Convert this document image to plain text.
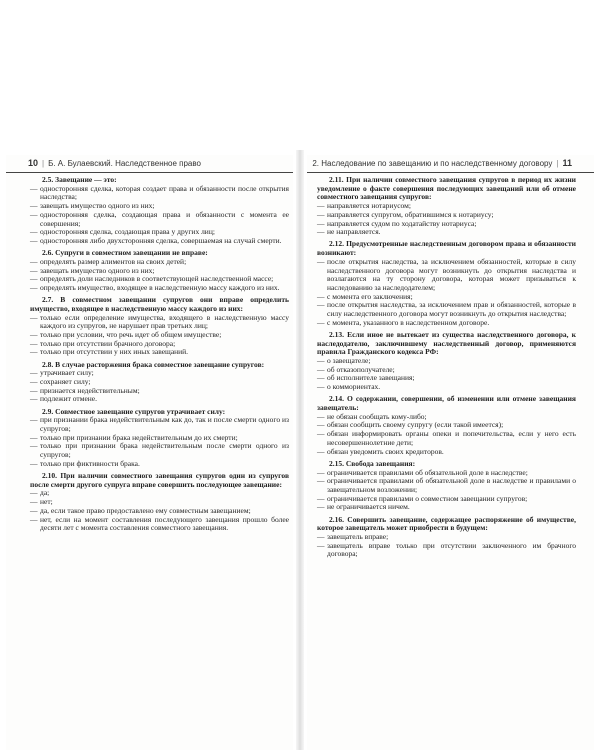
10 | Б. А. Булаевский. Наследственное право
2.5. Завещание — это:
— односторонняя сделка, которая создает права и обязанности после открытия наследства;
— завещать имущество одного из них;
— односторонняя сделка, создающая права и обязанности с момента ее совершения;
— односторонняя сделка, создающая права у других лиц;
— односторонняя либо двухсторонняя сделка, совершаемая на случай смерти.
2.6. Супруги в совместном завещании не вправе:
— определять размер алиментов на своих детей;
— завещать имущество одного из них;
— определять доли наследников в соответствующей наследственной массе;
— определять имущество, входящее в наследственную массу каждого из них.
2.7. В совместном завещании супругов они вправе определить имущество, входящее в наследственную массу каждого из них:
— только если определение имущества, входящего в наследственную массу каждого из супругов, не нарушает прав третьих лиц;
— только при условии, что речь идет об общем имуществе;
— только при отсутствии брачного договора;
— только при отсутствии у них иных завещаний.
2.8. В случае расторжения брака совместное завещание супругов:
— утрачивает силу;
— сохраняет силу;
— признается недействительным;
— подлежит отмене.
2.9. Совместное завещание супругов утрачивает силу:
— при признании брака недействительным как до, так и после смерти одного из супругов;
— только при признании брака недействительным до их смерти;
— только при признании брака недействительным после смерти одного из супругов;
— только при фиктивности брака.
2.10. При наличии совместного завещания супругов один из супругов после смерти другого супруга вправе совершить последующее завещание:
— да;
— нет;
— да, если такое право предоставлено ему совместным завещанием;
— нет, если на момент составления последующего завещания прошло более десяти лет с момента составления совместного завещания.
2. Наследование по завещанию и по наследственному договору | 11
2.11. При наличии совместного завещания супругов в период их жизни уведомление о факте совершения последующих завещаний или об отмене совместного завещания супругов:
— направляется нотариусом;
— направляется супругом, обратившимся к нотариусу;
— направляется судом по ходатайству нотариуса;
— не направляется.
2.12. Предусмотренные наследственным договором права и обязанности возникают:
— после открытия наследства, за исключением обязанностей, которые в силу наследственного договора могут возникнуть до открытия наследства и возлагаются на ту сторону договора, которая может призываться к наследованию за наследодателем;
— с момента его заключения;
— после открытия наследства, за исключением прав и обязанностей, которые в силу наследственного договора могут возникнуть до открытия наследства;
— с момента, указанного в наследственном договоре.
2.13. Если иное не вытекает из существа наследственного договора, к наследодателю, заключившему наследственный договор, применяются правила Гражданского кодекса РФ:
— о завещателе;
— об отказополучателе;
— об исполнителе завещания;
— о коммориентах.
2.14. О содержании, совершении, об изменении или отмене завещания завещатель:
— не обязан сообщать кому-либо;
— обязан сообщить своему супругу (если такой имеется);
— обязан информировать органы опеки и попечительства, если у него есть несовершеннолетние дети;
— обязан уведомить своих кредиторов.
2.15. Свобода завещания:
— ограничивается правилами об обязательной доле в наследстве;
— ограничивается правилами об обязательной доле в наследстве и правилами о завещательном возложении;
— ограничивается правилами о совместном завещании супругов;
— не ограничивается ничем.
2.16. Совершить завещание, содержащее распоряжение об имуществе, которое завещатель может приобрести в будущем:
— завещатель вправе;
— завещатель вправе только при отсутствии заключенного им брачного договора;
